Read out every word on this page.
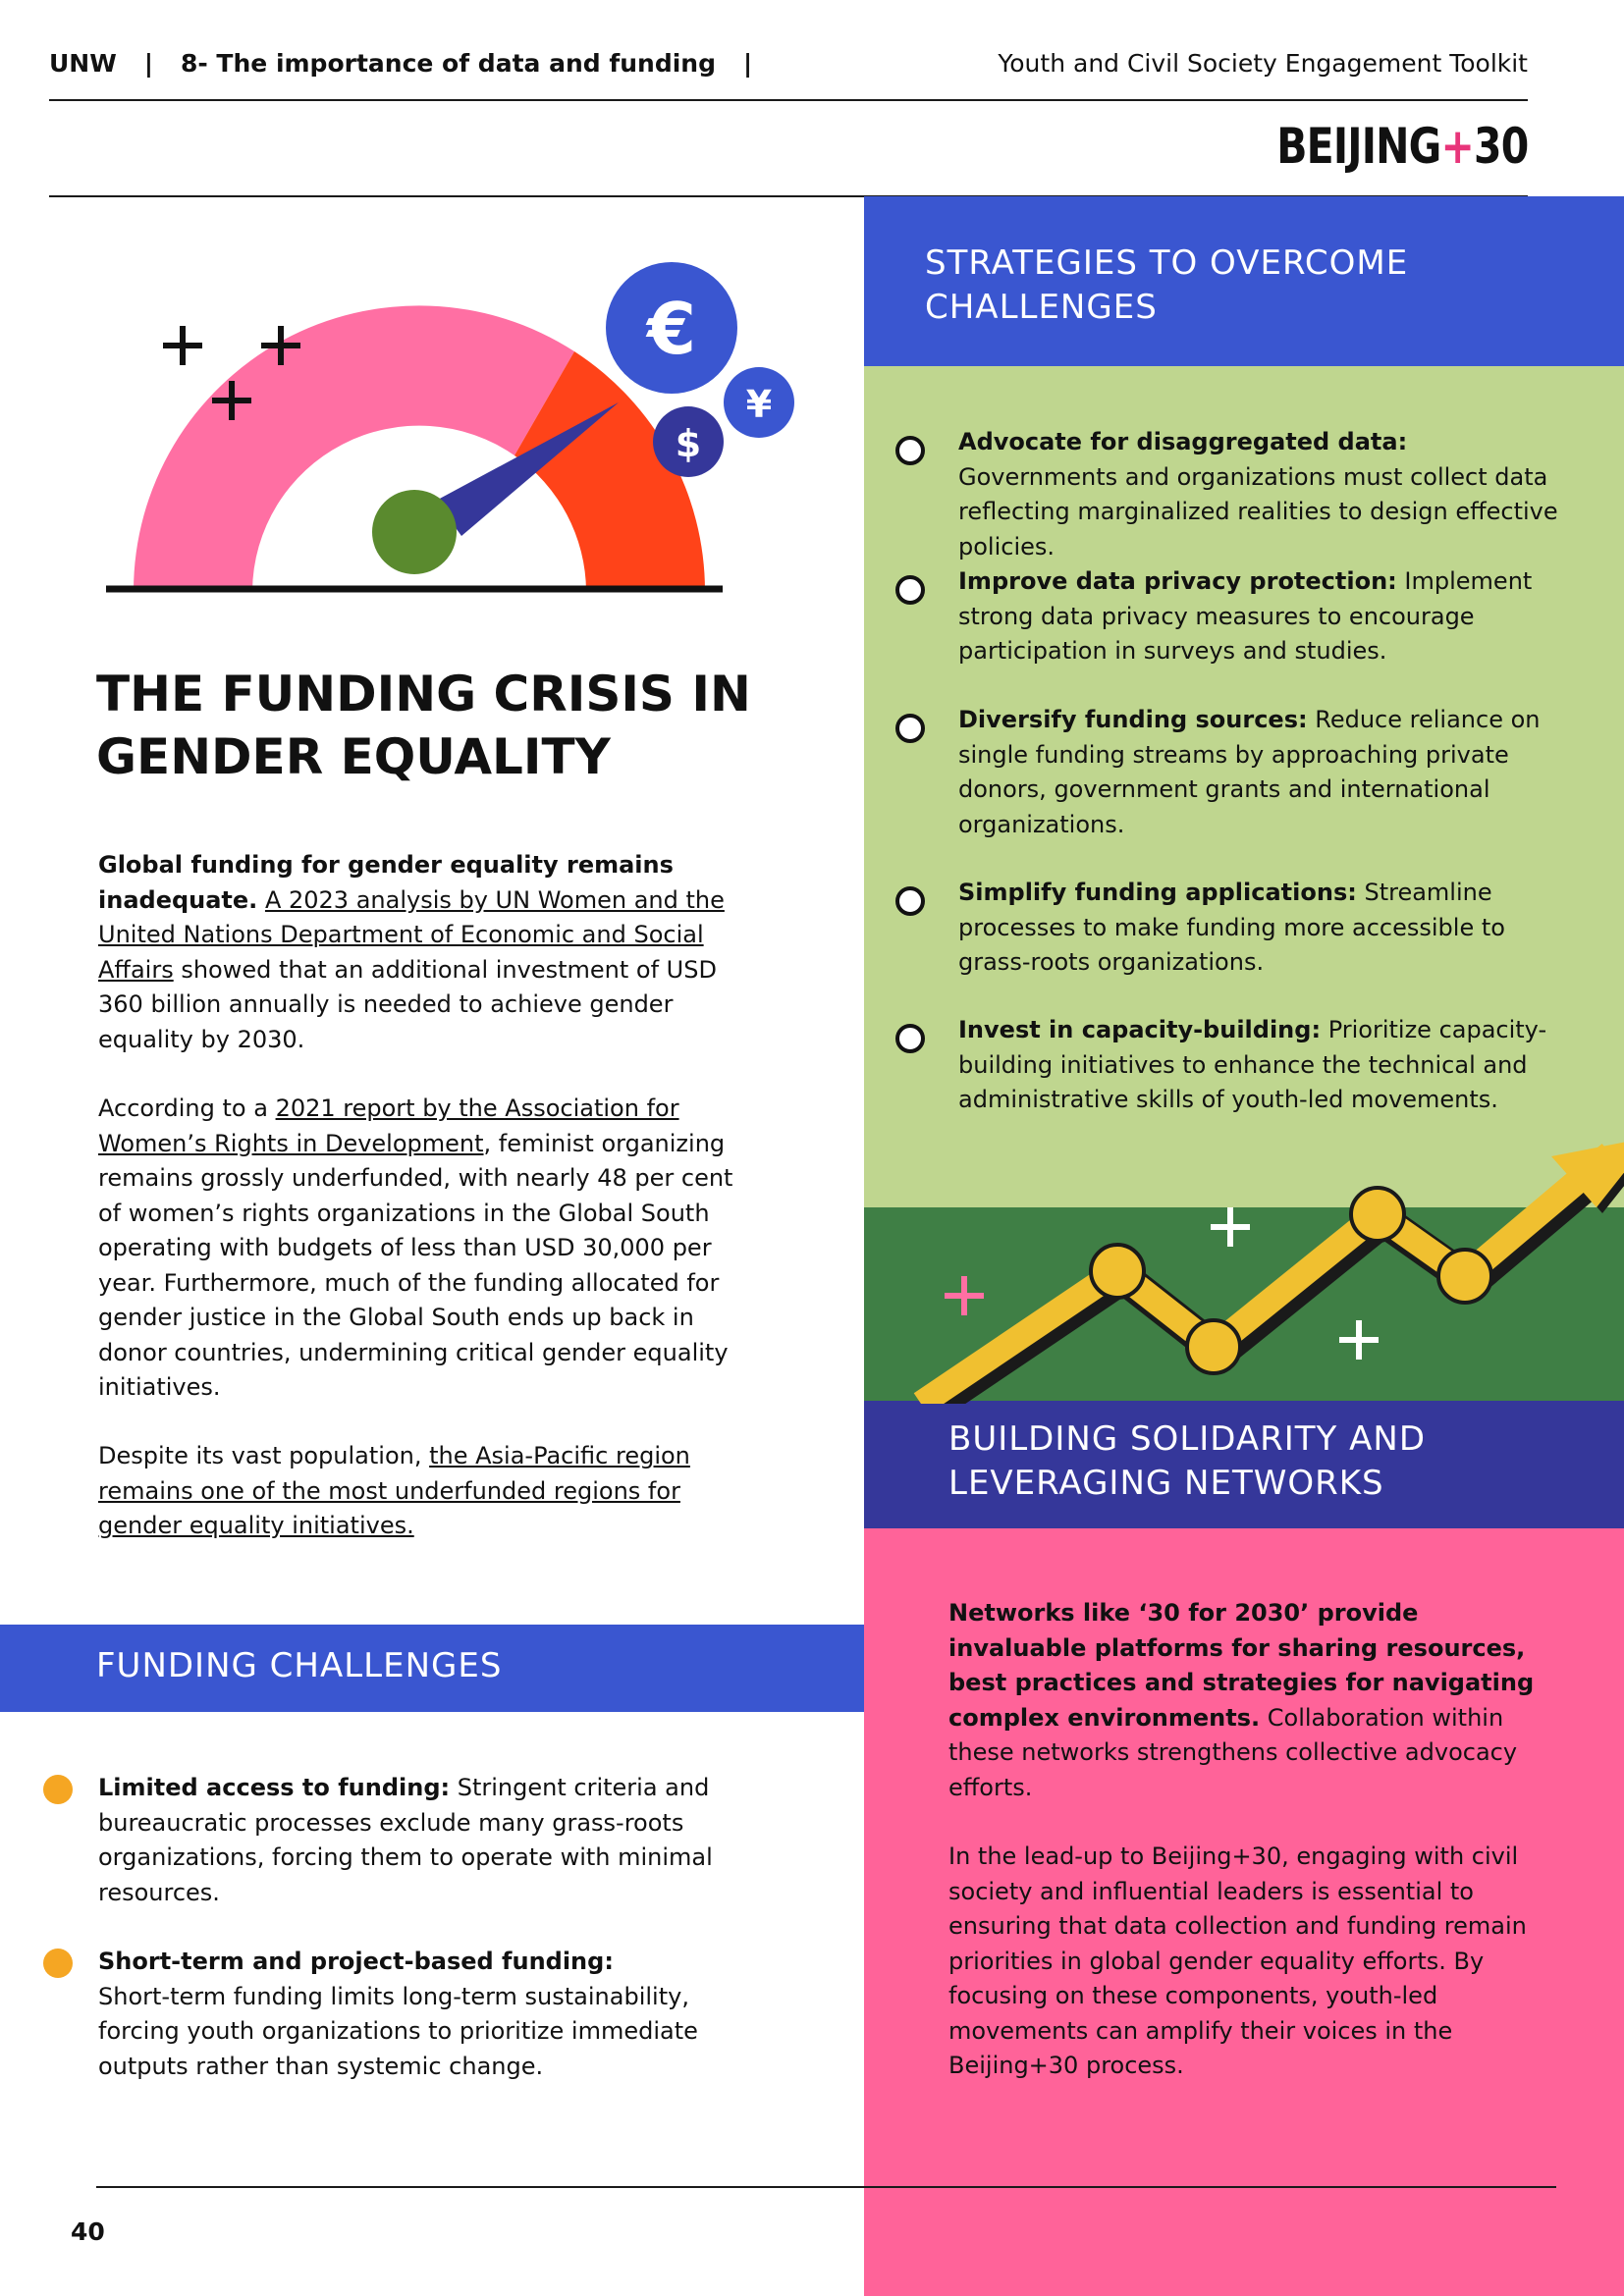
UNW | 8- The importance of data and funding |	Youth and Civil Society Engagement Toolkit
BEIJING+30
STRATEGIES TO OVERCOME
CHALLENGES
Advocate for disaggregated data: Governments and organizations must collect data reflecting marginalized realities to design effective policies.
Improve data privacy protection: Implement strong data privacy measures to encourage participation in surveys and studies.
Diversify funding sources: Reduce reliance on single funding streams by approaching private donors, government grants and international organizations.
Simplify funding applications: Streamline processes to make funding more accessible to grass-roots organizations.
Invest in capacity-building: Prioritize capacity-building initiatives to enhance the technical and administrative skills of youth-led movements.
BUILDING SOLIDARITY AND
LEVERAGING NETWORKS
Networks like ‘30 for 2030’ provide invaluable platforms for sharing resources, best practices and strategies for navigating complex environments. Collaboration within these networks strengthens collective advocacy efforts.
In the lead-up to Beijing+30, engaging with civil society and influential leaders is essential to ensuring that data collection and funding remain priorities in global gender equality efforts. By focusing on these components, youth-led movements can amplify their voices in the Beijing+30 process.
€
¥
$
THE FUNDING CRISIS IN
GENDER EQUALITY
Global funding for gender equality remains inadequate. A 2023 analysis by UN Women and the United Nations Department of Economic and Social Affairs showed that an additional investment of USD 360 billion annually is needed to achieve gender equality by 2030.
According to a 2021 report by the Association for Women’s Rights in Development, feminist organizing remains grossly underfunded, with nearly 48 per cent of women’s rights organizations in the Global South operating with budgets of less than USD 30,000 per year. Furthermore, much of the funding allocated for gender justice in the Global South ends up back in donor countries, undermining critical gender equality initiatives.
Despite its vast population, the Asia-Pacific region remains one of the most underfunded regions for gender equality initiatives.
FUNDING CHALLENGES
Limited access to funding: Stringent criteria and bureaucratic processes exclude many grass-roots organizations, forcing them to operate with minimal resources.
Short-term and project-based funding:
Short-term funding limits long-term sustainability, forcing youth organizations to prioritize immediate outputs rather than systemic change.
40
